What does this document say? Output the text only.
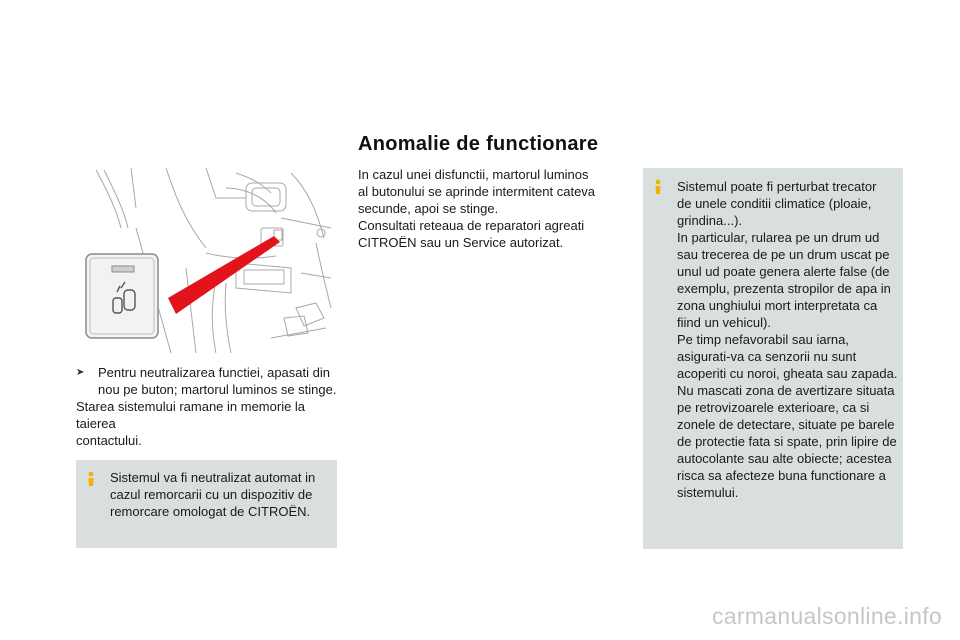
➤	Pentru neutralizarea functiei, apasati din
nou pe buton; martorul luminos se stinge.
Starea sistemului ramane in memorie la taierea
contactului.
Sistemul va fi neutralizat automat in
cazul remorcarii cu un dispozitiv de
remorcare omologat de CITROËN.
Anomalie de functionare
In cazul unei disfunctii, martorul luminos
al butonului se aprinde intermitent cateva
secunde, apoi se stinge.
Consultati reteaua de reparatori agreati
CITROËN sau un Service autorizat.
Sistemul poate fi perturbat trecator
de unele conditii climatice (ploaie,
grindina...).
In particular, rularea pe un drum ud
sau trecerea de pe un drum uscat pe
unul ud poate genera alerte false (de
exemplu, prezenta stropilor de apa in
zona unghiului mort interpretata ca
fiind un vehicul).
Pe timp nefavorabil sau iarna,
asigurati-va ca senzorii nu sunt
acoperiti cu noroi, gheata sau zapada.
Nu mascati zona de avertizare situata
pe retrovizoarele exterioare, ca si
zonele de detectare, situate pe barele
de protectie fata si spate, prin lipire de
autocolante sau alte obiecte; acestea
risca sa afecteze buna functionare a
sistemului.
carmanualsonline.info
